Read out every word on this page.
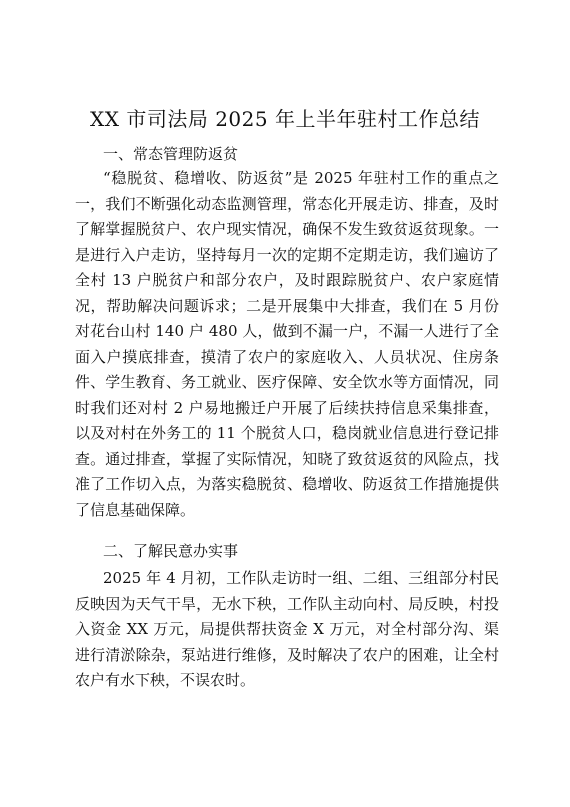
XX 市司法局 2025 年上半年驻村工作总结
一、常态管理防返贫

“稳脱贫、稳增收、防返贫”是 2025 年驻村工作的重点之一，我们不断强化动态监测管理，常态化开展走访、排查，及时了解掌握脱贫户、农户现实情况，确保不发生致贫返贫现象。一是进行入户走访，坚持每月一次的定期不定期走访，我们遍访了全村 13 户脱贫户和部分农户，及时跟踪脱贫户、农户家庭情况，帮助解决问题诉求；二是开展集中大排查，我们在 5 月份对花台山村 140 户 480 人，做到不漏一户，不漏一人进行了全面入户摸底排查，摸清了农户的家庭收入、人员状况、住房条件、学生教育、务工就业、医疗保障、安全饮水等方面情况，同时我们还对村 2 户易地搬迁户开展了后续扶持信息采集排查，以及对村在外务工的 11 个脱贫人口，稳岗就业信息进行登记排查。通过排查，掌握了实际情况，知晓了致贫返贫的风险点，找准了工作切入点，为落实稳脱贫、稳增收、防返贫工作措施提供了信息基础保障。

二、了解民意办实事

2025 年 4 月初，工作队走访时一组、二组、三组部分村民反映因为天气干旱，无水下秧，工作队主动向村、局反映，村投入资金 XX 万元，局提供帮扶资金 X 万元，对全村部分沟、渠进行清淤除杂，泵站进行维修，及时解决了农户的困难，让全村农户有水下秧，不误农时。
